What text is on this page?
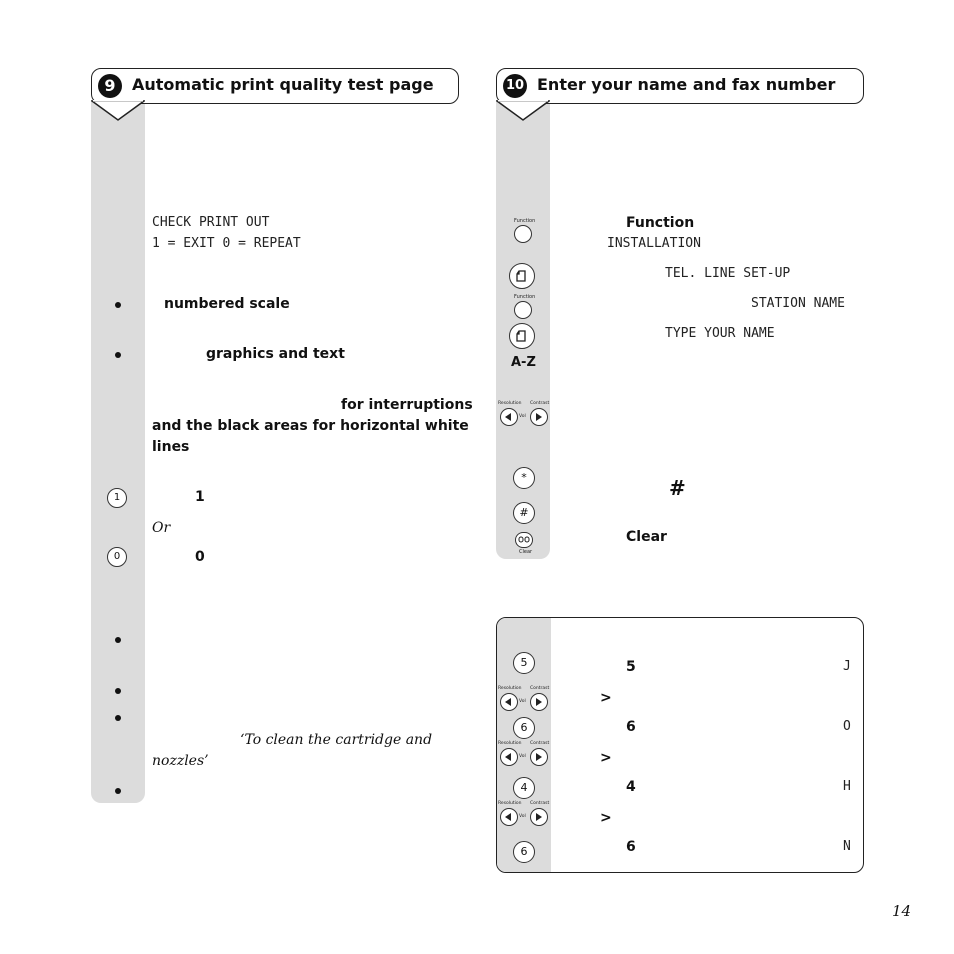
9	Automatic print quality test page
CHECK PRINT OUT
1 = EXIT 0 = REPEAT
numbered scale
graphics and text
for interruptions
and the black areas for horizontal white
lines
1	1
Or
0	0
‘To clean the cartridge and
nozzles’
10 Enter your name and fax number
Function
Function
A-Z
Resolution Contrast
Vol
*
#
Clear
Function
INSTALLATION
TEL. LINE SET-UP
STATION NAME
TYPE YOUR NAME
#
Clear
5	5	J
Resolution Contrast
Vol	>
6	6	O
Resolution Contrast
Vol	>
4	4	H
Resolution Contrast
Vol	>
6	6	N
14
